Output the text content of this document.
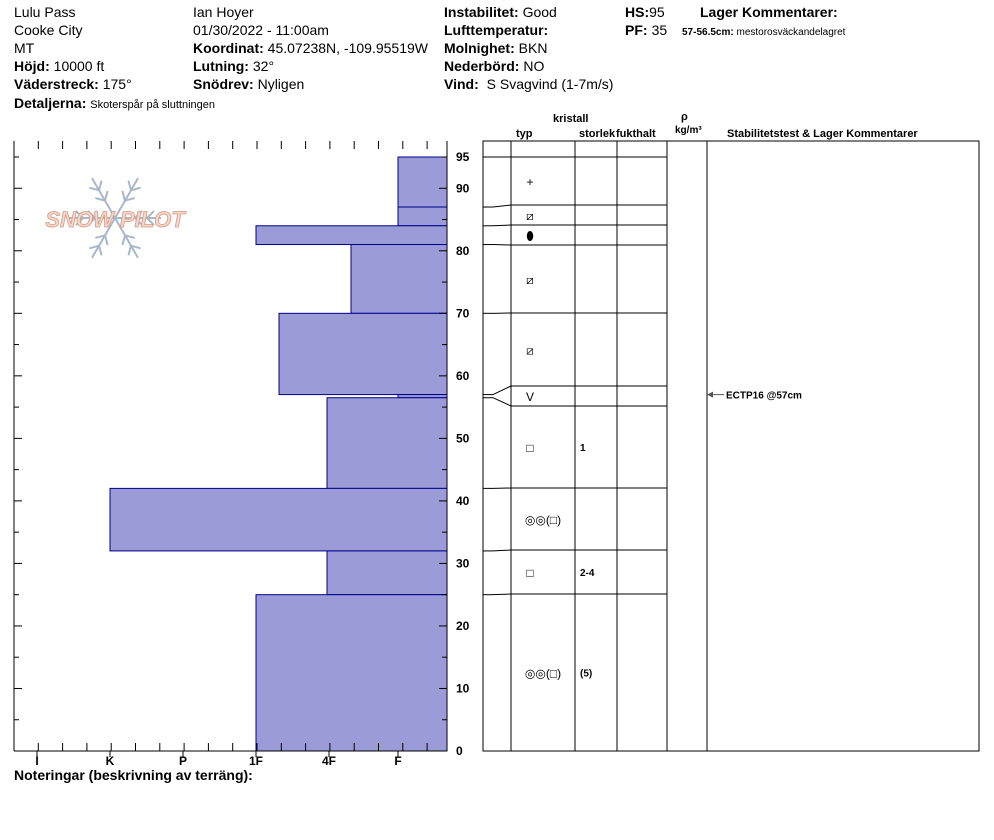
Lulu Pass
Cooke City
MT
Höjd: 10000 ft
Väderstreck: 175°
Detaljerna: Skoterspår på sluttningen
Ian Hoyer
01/30/2022 - 11:00am
Koordinat: 45.07238N, -109.95519W
Lutning: 32°
Snödrev: Nyligen
Instabilitet: Good
Lufttemperatur:
Molnighet: BKN
Nederbörd: NO
Vind: S Svagvind (1-7m/s)
HS:95
PF: 35
Lager Kommentarer:
57-56.5cm: mestorosväckandelagret
kristall
typ	storlek fukthalt
ρ
kg/m³ Stabilitetstest & Lager Kommentarer
SNOW PILOT
0
10
20
30
40
50
60
70
80
90
95
I	K	P	1F	4F	F
+
⧄
⬮
⧄
⧄
V
□	1
◎◎(□)
□	2-4
◎◎(□) (5)
ECTP16 @57cm
Noteringar (beskrivning av terräng):
